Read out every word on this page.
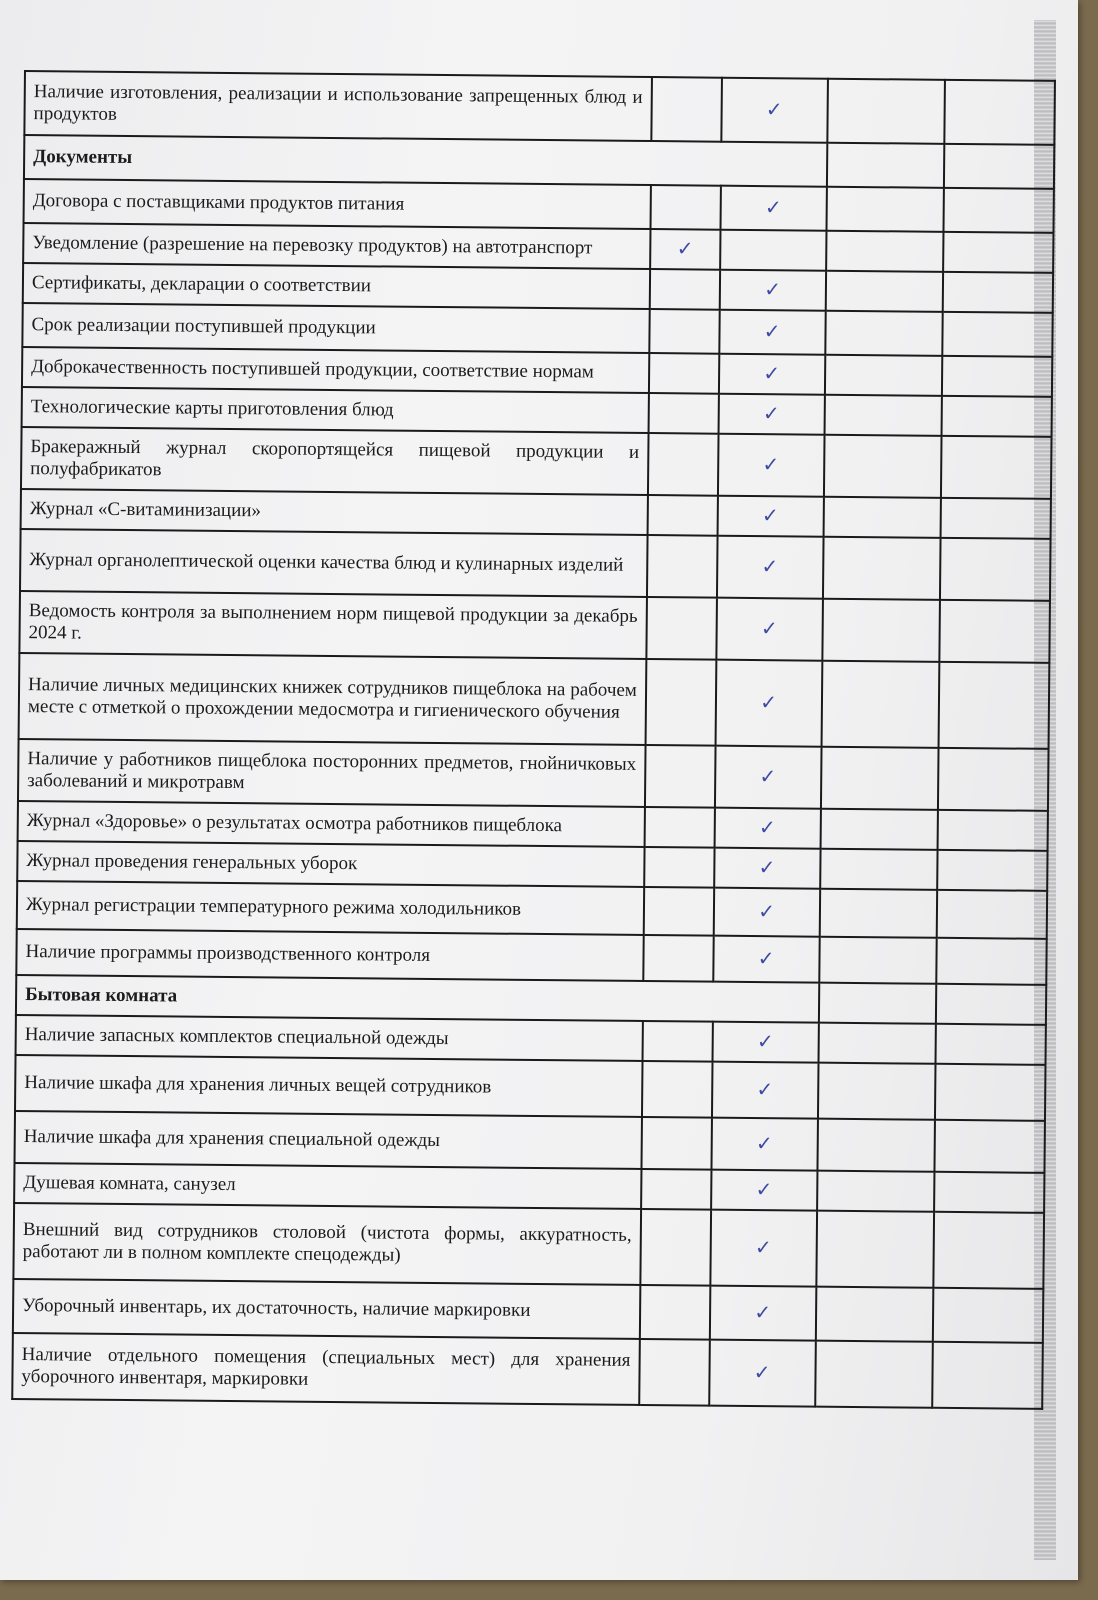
Наличие изготовления, реализации и использование запрещенных блюд и продуктов		✓		
Документы				
Договора с поставщиками продуктов питания		✓		
Уведомление (разрешение на перевозку продуктов) на автотранспорт	✓			
Сертификаты, декларации о соответствии		✓		
Срок реализации поступившей продукции		✓		
Доброкачественность поступившей продукции, соответствие нормам		✓		
Технологические карты приготовления блюд		✓		
Бракеражный журнал скоропортящейся пищевой продукции и полуфабрикатов		✓		
Журнал «С-витаминизации»		✓		
Журнал органолептической оценки качества блюд и кулинарных изделий		✓		
Ведомость контроля за выполнением норм пищевой продукции за декабрь 2024 г.		✓		
Наличие личных медицинских книжек сотрудников пищеблока на рабочем месте с отметкой о прохождении медосмотра и гигиенического обучения		✓		
Наличие у работников пищеблока посторонних предметов, гнойничковых заболеваний и микротравм		✓		
Журнал «Здоровье» о результатах осмотра работников пищеблока		✓		
Журнал проведения генеральных уборок		✓		
Журнал регистрации температурного режима холодильников		✓		
Наличие программы производственного контроля		✓		
Бытовая комната				
Наличие запасных комплектов специальной одежды		✓		
Наличие шкафа для хранения личных вещей сотрудников		✓		
Наличие шкафа для хранения специальной одежды		✓		
Душевая комната, санузел		✓		
Внешний вид сотрудников столовой (чистота формы, аккуратность, работают ли в полном комплекте спецодежды)		✓		
Уборочный инвентарь, их достаточность, наличие маркировки		✓		
Наличие отдельного помещения (специальных мест) для хранения уборочного инвентаря, маркировки		✓		
